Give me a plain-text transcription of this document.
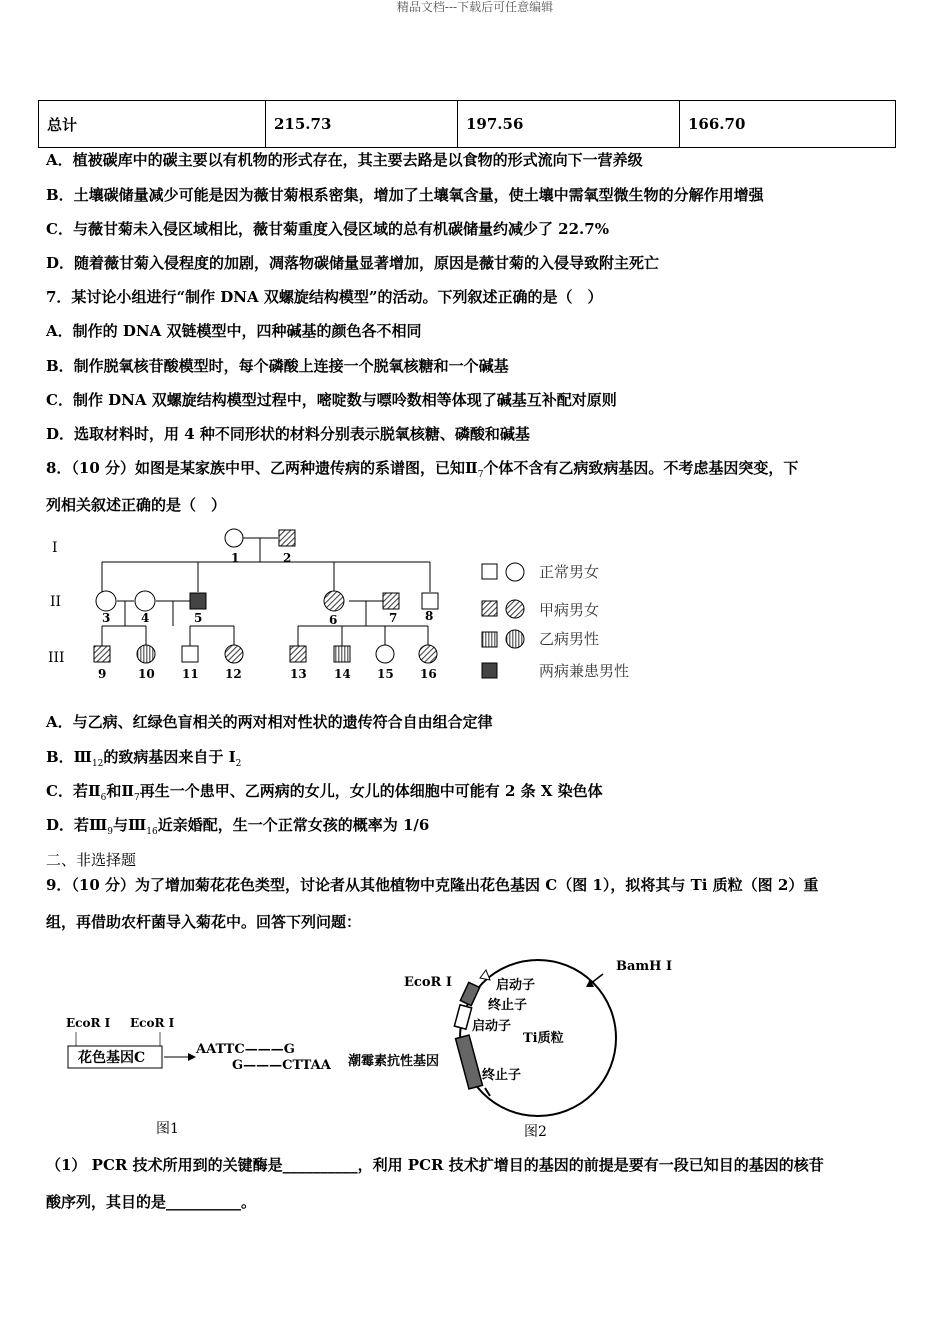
精品文档---下载后可任意编辑
总计	215.73	197.56	166.70
A．植被碳库中的碳主要以有机物的形式存在，其主要去路是以食物的形式流向下一营养级
B．土壤碳储量减少可能是因为薇甘菊根系密集，增加了土壤氧含量，使土壤中需氧型微生物的分解作用增强
C．与薇甘菊未入侵区域相比，薇甘菊重度入侵区域的总有机碳储量约减少了 22.7%
D．随着薇甘菊入侵程度的加剧，凋落物碳储量显著增加，原因是薇甘菊的入侵导致附主死亡
7．某讨论小组进行“制作 DNA 双螺旋结构模型”的活动。下列叙述正确的是（　）
A．制作的 DNA 双链模型中，四种碱基的颜色各不相同
B．制作脱氧核苷酸模型时，每个磷酸上连接一个脱氧核糖和一个碱基
C．制作 DNA 双螺旋结构模型过程中，嘧啶数与嘌呤数相等体现了碱基互补配对原则
D．选取材料时，用 4 种不同形状的材料分别表示脱氧核糖、磷酸和碱基
8．（10 分）如图是某家族中甲、乙两种遗传病的系谱图，已知$Ⅱ_7$个体不含有乙病致病基因。不考虑基因突变，下
列相关叙述正确的是（　）
I
II
III
1	2
3	4	5	6	7 8
9	10 11 12	13 14 15 16
正常男女
甲病男女
乙病男性
两病兼患男性
A．与乙病、红绿色盲相关的两对相对性状的遗传符合自由组合定律
B．$Ⅲ_{12}$的致病基因来自于 $I_2$
C．若$Ⅱ_6$和$Ⅱ_7$再生一个患甲、乙两病的女儿，女儿的体细胞中可能有 2 条 X 染色体
D．若$Ⅲ_9$与$Ⅲ_{16}$近亲婚配，生一个正常女孩的概率为 1/6
二、非选择题
9．（10 分）为了增加菊花花色类型，讨论者从其他植物中克隆出花色基因 C（图 1），拟将其与 Ti 质粒（图 2）重
组，再借助农杆菌导入菊花中。回答下列问题：
EcoR Ⅰ EcoR Ⅰ
花色基因C
AATTC———G
G———CTTAA
图1
EcoR Ⅰ
BamH Ⅰ
启动子
终止子
启动子
Ti质粒
潮霉素抗性基因
终止子
图2
（1） PCR 技术所用到的关键酶是__________，利用 PCR 技术扩增目的基因的前提是要有一段已知目的基因的核苷
酸序列，其目的是__________。
